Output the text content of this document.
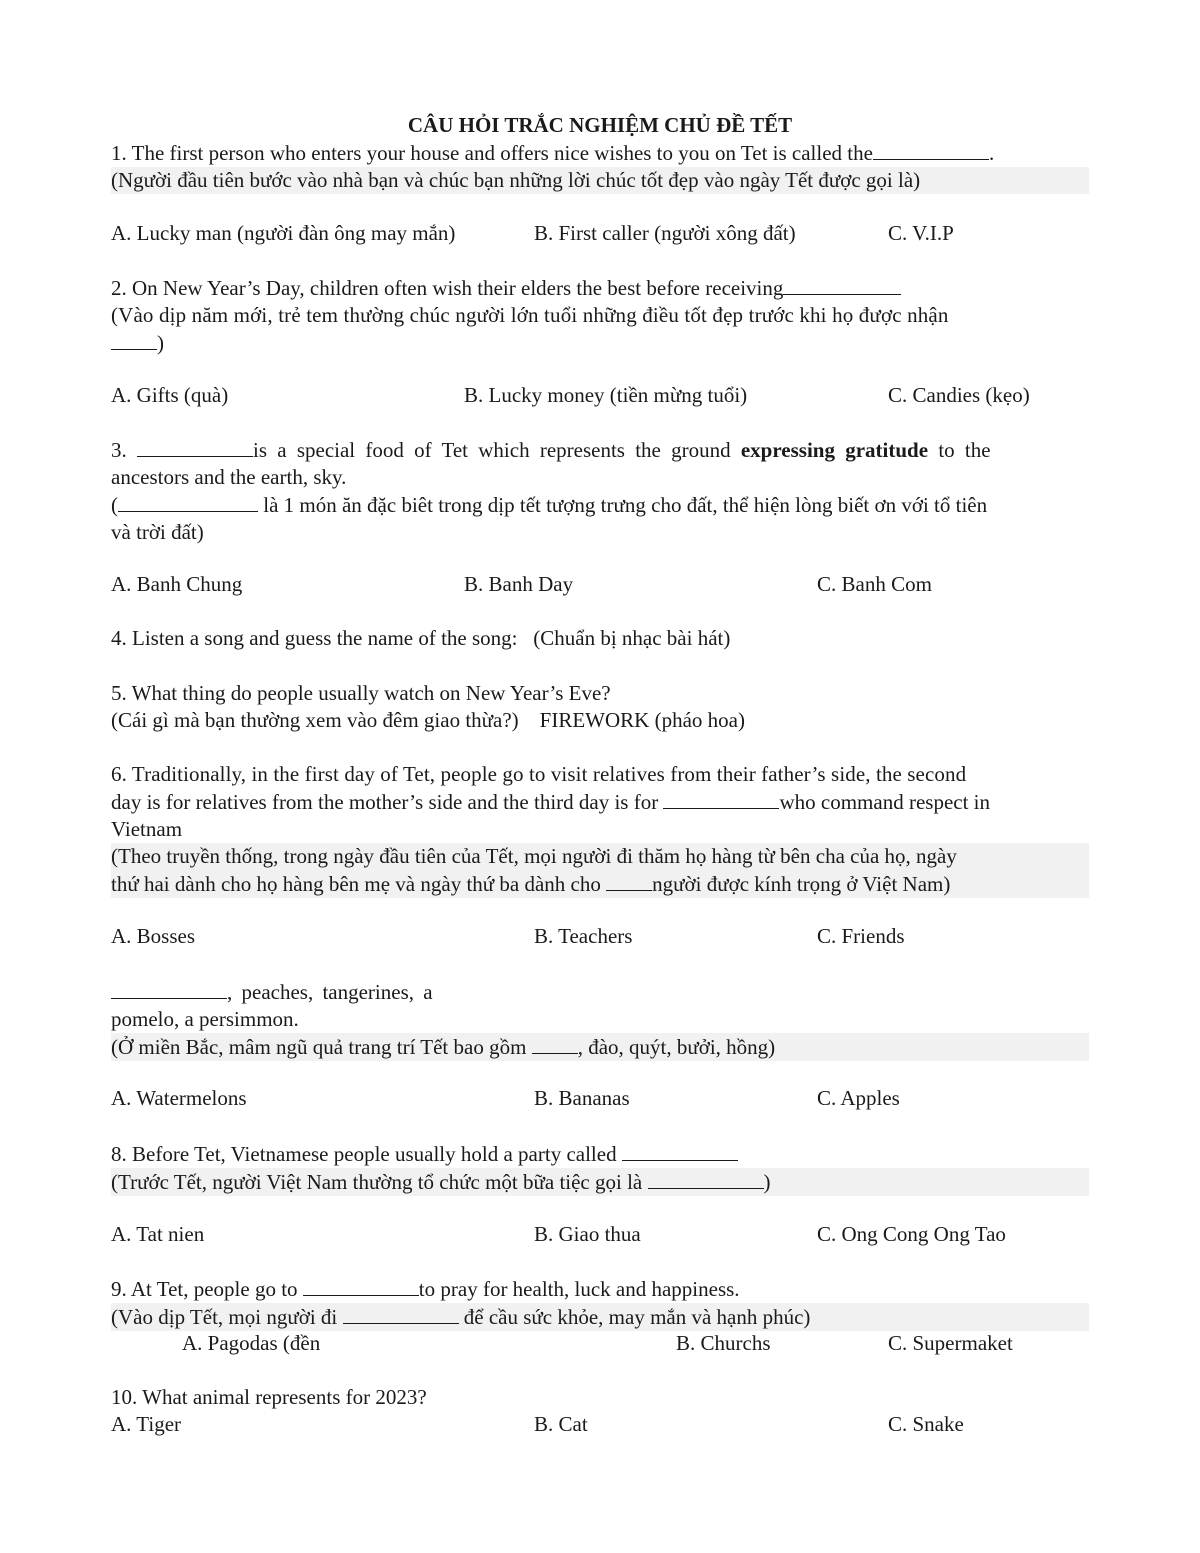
CÂU HỎI TRẮC NGHIỆM CHỦ ĐỀ TẾT
1. The first person who enters your house and offers nice wishes to you on Tet is called the	.
(Người đầu tiên bước vào nhà bạn và chúc bạn những lời chúc tốt đẹp vào ngày Tết được gọi là)
A. Lucky man (người đàn ông may mắn)	B. First caller (người xông đất)	C. V.I.P
2. On New Year’s Day, children often wish their elders the best before receiving
(Vào dịp năm mới, trẻ tem thường chúc người lớn tuổi những điều tốt đẹp trước khi họ được nhận
)
A. Gifts (quà)	B. Lucky money (tiền mừng tuổi)	C. Candies (kẹo)
3.	is a special food of Tet which represents the ground expressing gratitude to the
ancestors and the earth, sky.
(	là 1 món ăn đặc biêt trong dịp tết tượng trưng cho đất, thể hiện lòng biết ơn với tổ tiên
và trời đất)
A. Banh Chung	B. Banh Day	C. Banh Com
4. Listen a song and guess the name of the song:   (Chuẩn bị nhạc bài hát)
5. What thing do people usually watch on New Year’s Eve?
(Cái gì mà bạn thường xem vào đêm giao thừa?)    FIREWORK (pháo hoa)
6. Traditionally, in the first day of Tet, people go to visit relatives from their father’s side, the second
day is for relatives from the mother’s side and the third day is for	who command respect in
Vietnam
(Theo truyền thống, trong ngày đầu tiên của Tết, mọi người đi thăm họ hàng từ bên cha của họ, ngày
thứ hai dành cho họ hàng bên mẹ và ngày thứ ba dành cho người được kính trọng ở Việt Nam)
A. Bosses	B. Teachers	C. Friends
, peaches, tangerines, a
pomelo, a persimmon.
(Ở miền Bắc, mâm ngũ quả trang trí Tết bao gồm , đào, quýt, bưởi, hồng)
A. Watermelons	B. Bananas	C. Apples
8. Before Tet, Vietnamese people usually hold a party called
(Trước Tết, người Việt Nam thường tổ chức một bữa tiệc gọi là	)
A. Tat nien	B. Giao thua	C. Ong Cong Ong Tao
9. At Tet, people go to	to pray for health, luck and happiness.
(Vào dịp Tết, mọi người đi	để cầu sức khỏe, may mắn và hạnh phúc)
A. Pagodas (đền	B. Churchs	C. Supermaket
10. What animal represents for 2023?
A. Tiger	B. Cat	C. Snake
